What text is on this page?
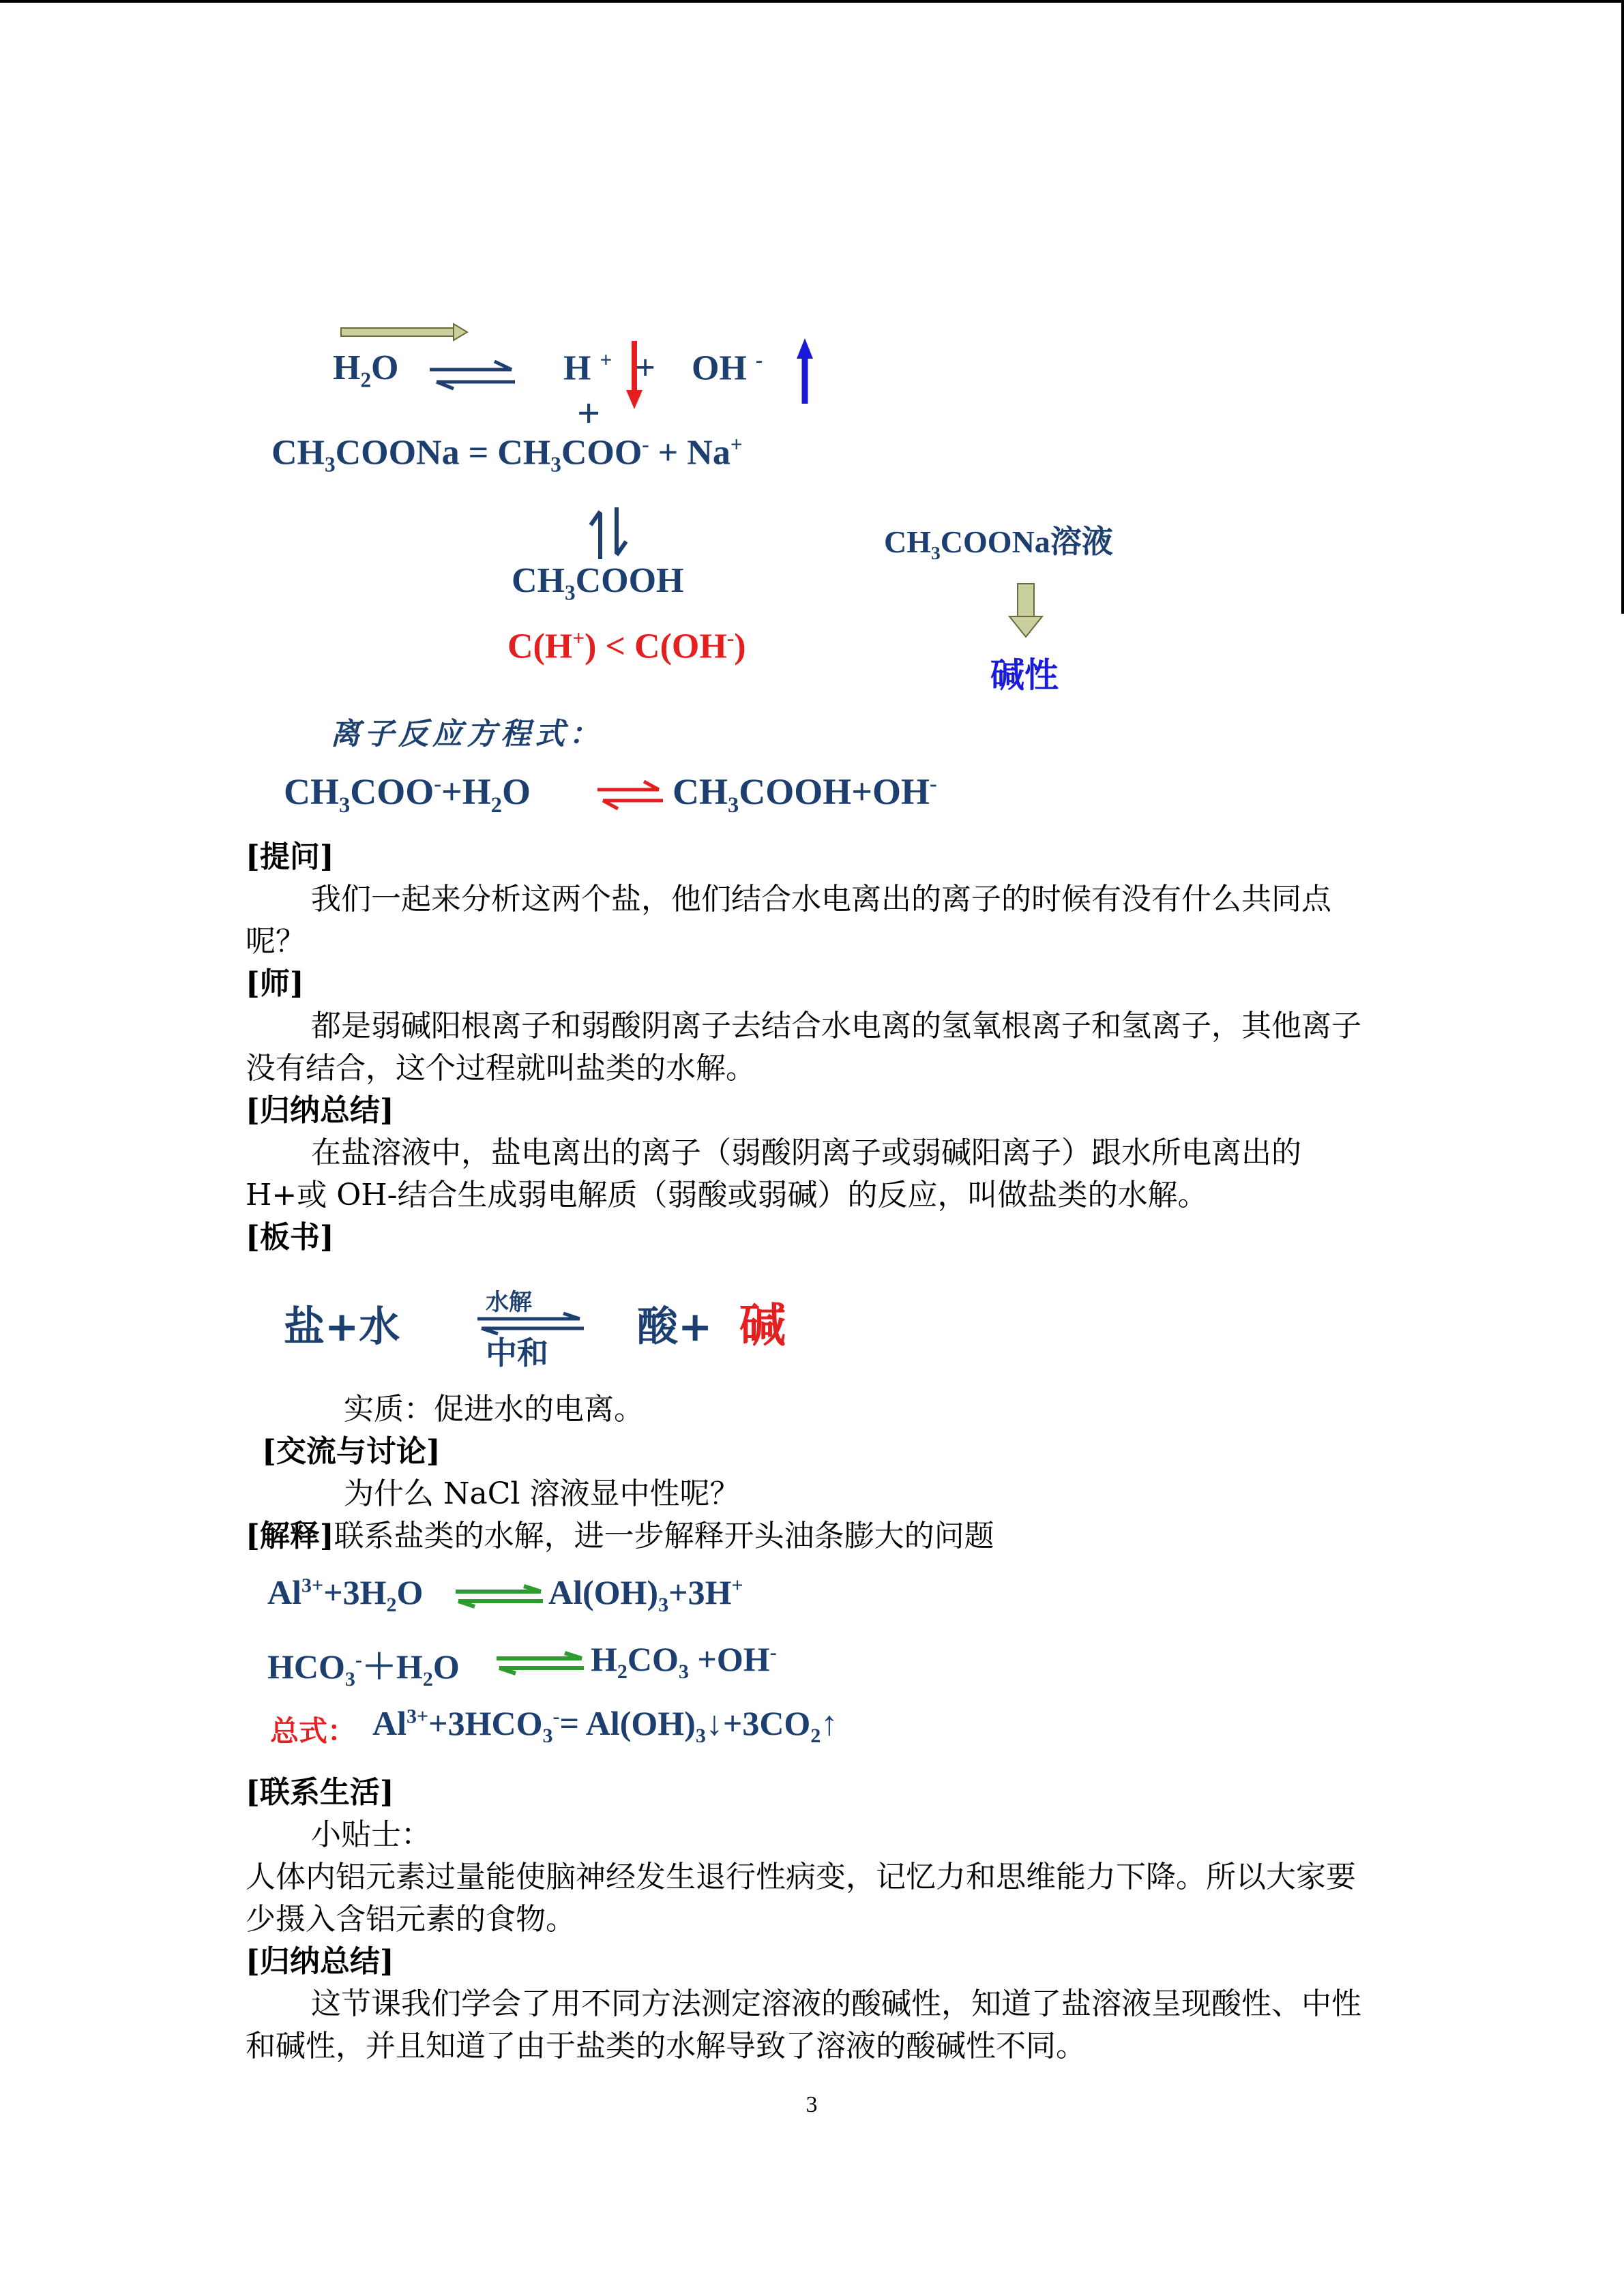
$H_2O$	H + + OH -
+
$CH_3COONa = CH_3COO^- + Na^+$
$CH_3COOH$
C(H+) < C(OH-)
$CH_3COONa$溶液
碱性
离子反应方程式：
$CH_3COO^-+H_2O$	$CH_3COOH+OH^-$
[提问]
我们一起来分析这两个盐，他们结合水电离出的离子的时候有没有什么共同点呢？
[师]
都是弱碱阳根离子和弱酸阴离子去结合水电离的氢氧根离子和氢离子，其他离子没有结合，这个过程就叫盐类的水解。
[归纳总结]
在盐溶液中，盐电离出的离子（弱酸阴离子或弱碱阳离子）跟水所电离出的 H+或 OH-结合生成弱电解质（弱酸或弱碱）的反应，叫做盐类的水解。
[板书]
盐+水
水解
中和
酸+ 碱
实质：促进水的电离。
[交流与讨论]
为什么 NaCl 溶液显中性呢？
[解释]联系盐类的水解，进一步解释开头油条膨大的问题
$Al^{3+}+3H_2O$	$Al(OH)_3+3H^+$
$HCO_3^-+H_2O$	$H_2CO_3 +OH^-$
总式： $Al^{3+}+3HCO_3^-=$ $Al(OH)_3↓+3CO_2↑$
[联系生活]
小贴士：
人体内铝元素过量能使脑神经发生退行性病变，记忆力和思维能力下降。所以大家要少摄入含铝元素的食物。
[归纳总结]
这节课我们学会了用不同方法测定溶液的酸碱性，知道了盐溶液呈现酸性、中性和碱性，并且知道了由于盐类的水解导致了溶液的酸碱性不同。
3
